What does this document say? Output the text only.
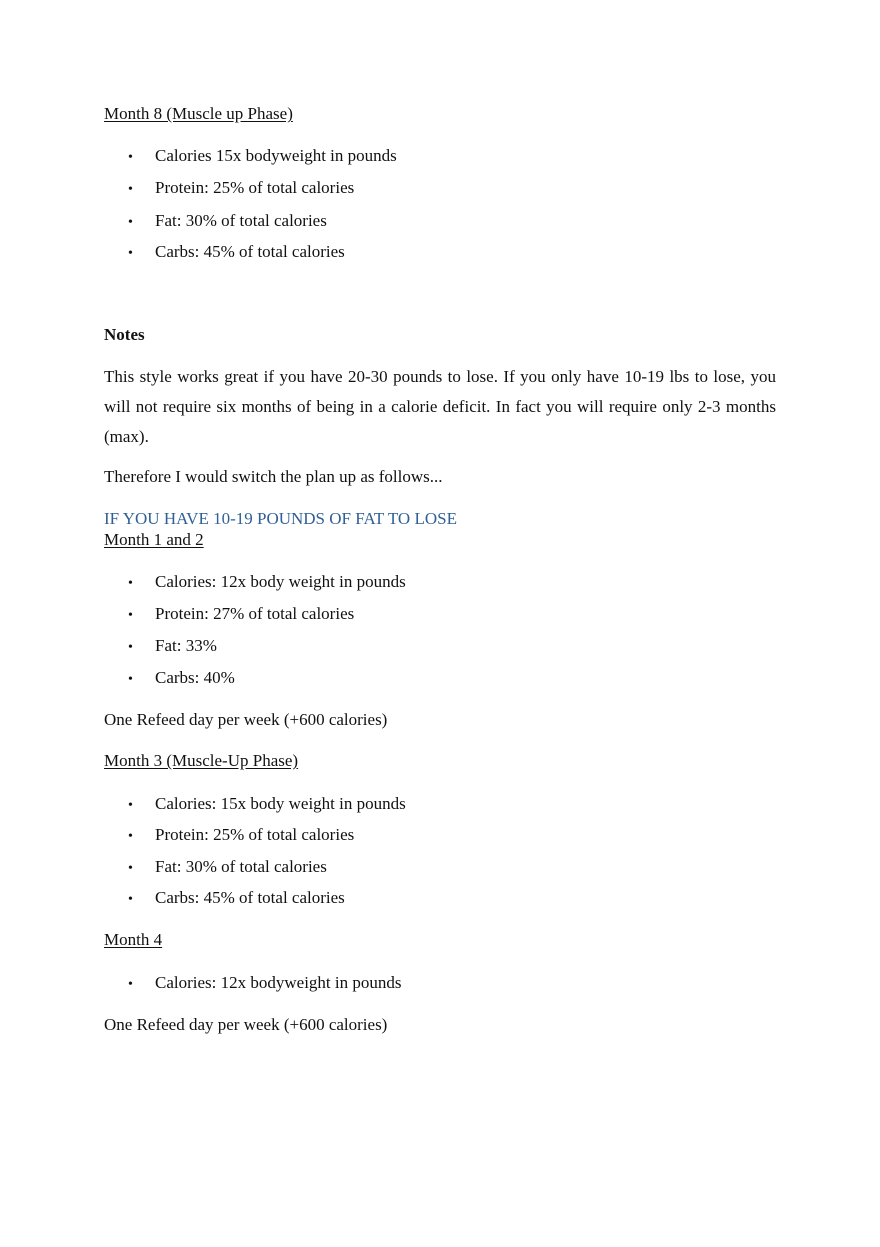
Month 8 (Muscle up Phase)
• Calories 15x bodyweight in pounds
• Protein: 25% of total calories
• Fat: 30% of total calories
• Carbs: 45% of total calories
Notes
This style works great if you have 20-30 pounds to lose. If you only have 10-19 lbs to lose, you will not require six months of being in a calorie deficit. In fact you will require only 2-3 months (max).
Therefore I would switch the plan up as follows...
IF YOU HAVE 10-19 POUNDS OF FAT TO LOSE
Month 1 and 2
• Calories: 12x body weight in pounds
• Protein: 27% of total calories
• Fat: 33%
• Carbs: 40%
One Refeed day per week (+600 calories)
Month 3 (Muscle-Up Phase)
• Calories: 15x body weight in pounds
• Protein: 25% of total calories
• Fat: 30% of total calories
• Carbs: 45% of total calories
Month 4
• Calories: 12x bodyweight in pounds
One Refeed day per week (+600 calories)
